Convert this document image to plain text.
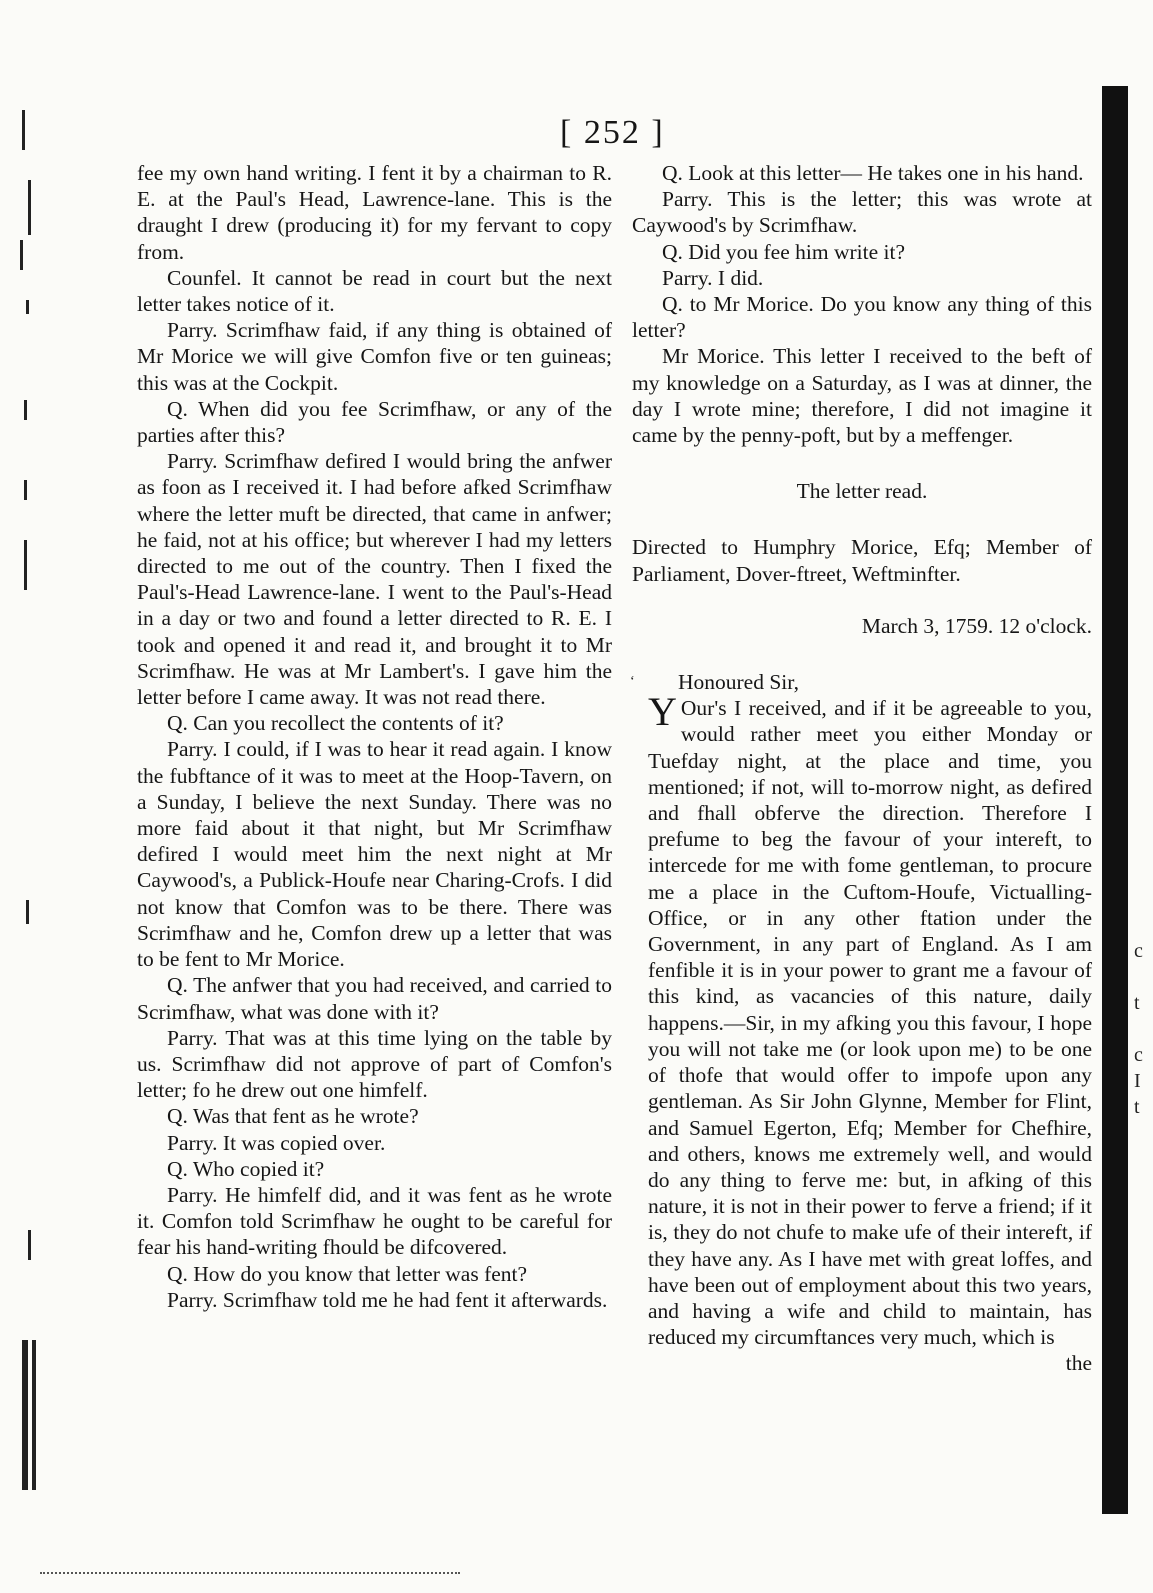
[ 252 ]

fee my own hand writing. I fent it by a chairman to R. E. at the Paul's Head, Lawrence-lane. This is the draught I drew (producing it) for my fervant to copy from.

Counfel. It cannot be read in court but the next letter takes notice of it.

Parry. Scrimfhaw faid, if any thing is obtained of Mr Morice we will give Comfon five or ten guineas; this was at the Cockpit.

Q. When did you fee Scrimfhaw, or any of the parties after this?

Parry. Scrimfhaw defired I would bring the anfwer as foon as I received it. I had before afked Scrimfhaw where the letter muft be directed, that came in anfwer; he faid, not at his office; but wherever I had my letters directed to me out of the country. Then I fixed the Paul's-Head Lawrence-lane. I went to the Paul's-Head in a day or two and found a letter directed to R. E. I took and opened it and read it, and brought it to Mr Scrimfhaw. He was at Mr Lambert's. I gave him the letter before I came away. It was not read there.

Q. Can you recollect the contents of it?

Parry. I could, if I was to hear it read again. I know the fubftance of it was to meet at the Hoop-Tavern, on a Sunday, I believe the next Sunday. There was no more faid about it that night, but Mr Scrimfhaw defired I would meet him the next night at Mr Caywood's, a Publick-Houfe near Charing-Crofs. I did not know that Comfon was to be there. There was Scrimfhaw and he, Comfon drew up a letter that was to be fent to Mr Morice.

Q. The anfwer that you had received, and carried to Scrimfhaw, what was done with it?

Parry. That was at this time lying on the table by us. Scrimfhaw did not approve of part of Comfon's letter; fo he drew out one himfelf.

Q. Was that fent as he wrote?

Parry. It was copied over.

Q. Who copied it?

Parry. He himfelf did, and it was fent as he wrote it. Comfon told Scrimfhaw he ought to be careful for fear his hand-writing fhould be difcovered.

Q. How do you know that letter was fent?

Parry. Scrimfhaw told me he had fent it afterwards.

Q. Look at this letter— He takes one in his hand.

Parry. This is the letter; this was wrote at Caywood's by Scrimfhaw.

Q. Did you fee him write it?

Parry. I did.

Q. to Mr Morice. Do you know any thing of this letter?

Mr Morice. This letter I received to the beft of my knowledge on a Saturday, as I was at dinner, the day I wrote mine; therefore, I did not imagine it came by the penny-poft, but by a meffenger.

The letter read.

Directed to Humphry Morice, Efq; Member of Parliament, Dover-ftreet, Weftminfter.

March 3, 1759. 12 o'clock.

‘ Honoured Sir,

Y Our's I received, and if it be agreeable to you, would rather meet you either Monday or Tuefday night, at the place and time, you mentioned; if not, will to-morrow night, as defired and fhall obferve the direction. Therefore I prefume to beg the favour of your intereft, to intercede for me with fome gentleman, to procure me a place in the Cuftom-Houfe, Victualling-Office, or in any other ftation under the Government, in any part of England. As I am fenfible it is in your power to grant me a favour of this kind, as vacancies of this nature, daily happens.—Sir, in my afking you this favour, I hope you will not take me (or look upon me) to be one of thofe that would offer to impofe upon any gentleman. As Sir John Glynne, Member for Flint, and Samuel Egerton, Efq; Member for Chefhire, and others, knows me extremely well, and would do any thing to ferve me: but, in afking of this nature, it is not in their power to ferve a friend; if it is, they do not chufe to make ufe of their intereft, if they have any. As I have met with great loffes, and have been out of employment about this two years, and having a wife and child to maintain, has reduced my circumftances very much, which is

the

c
t
c
I
t
